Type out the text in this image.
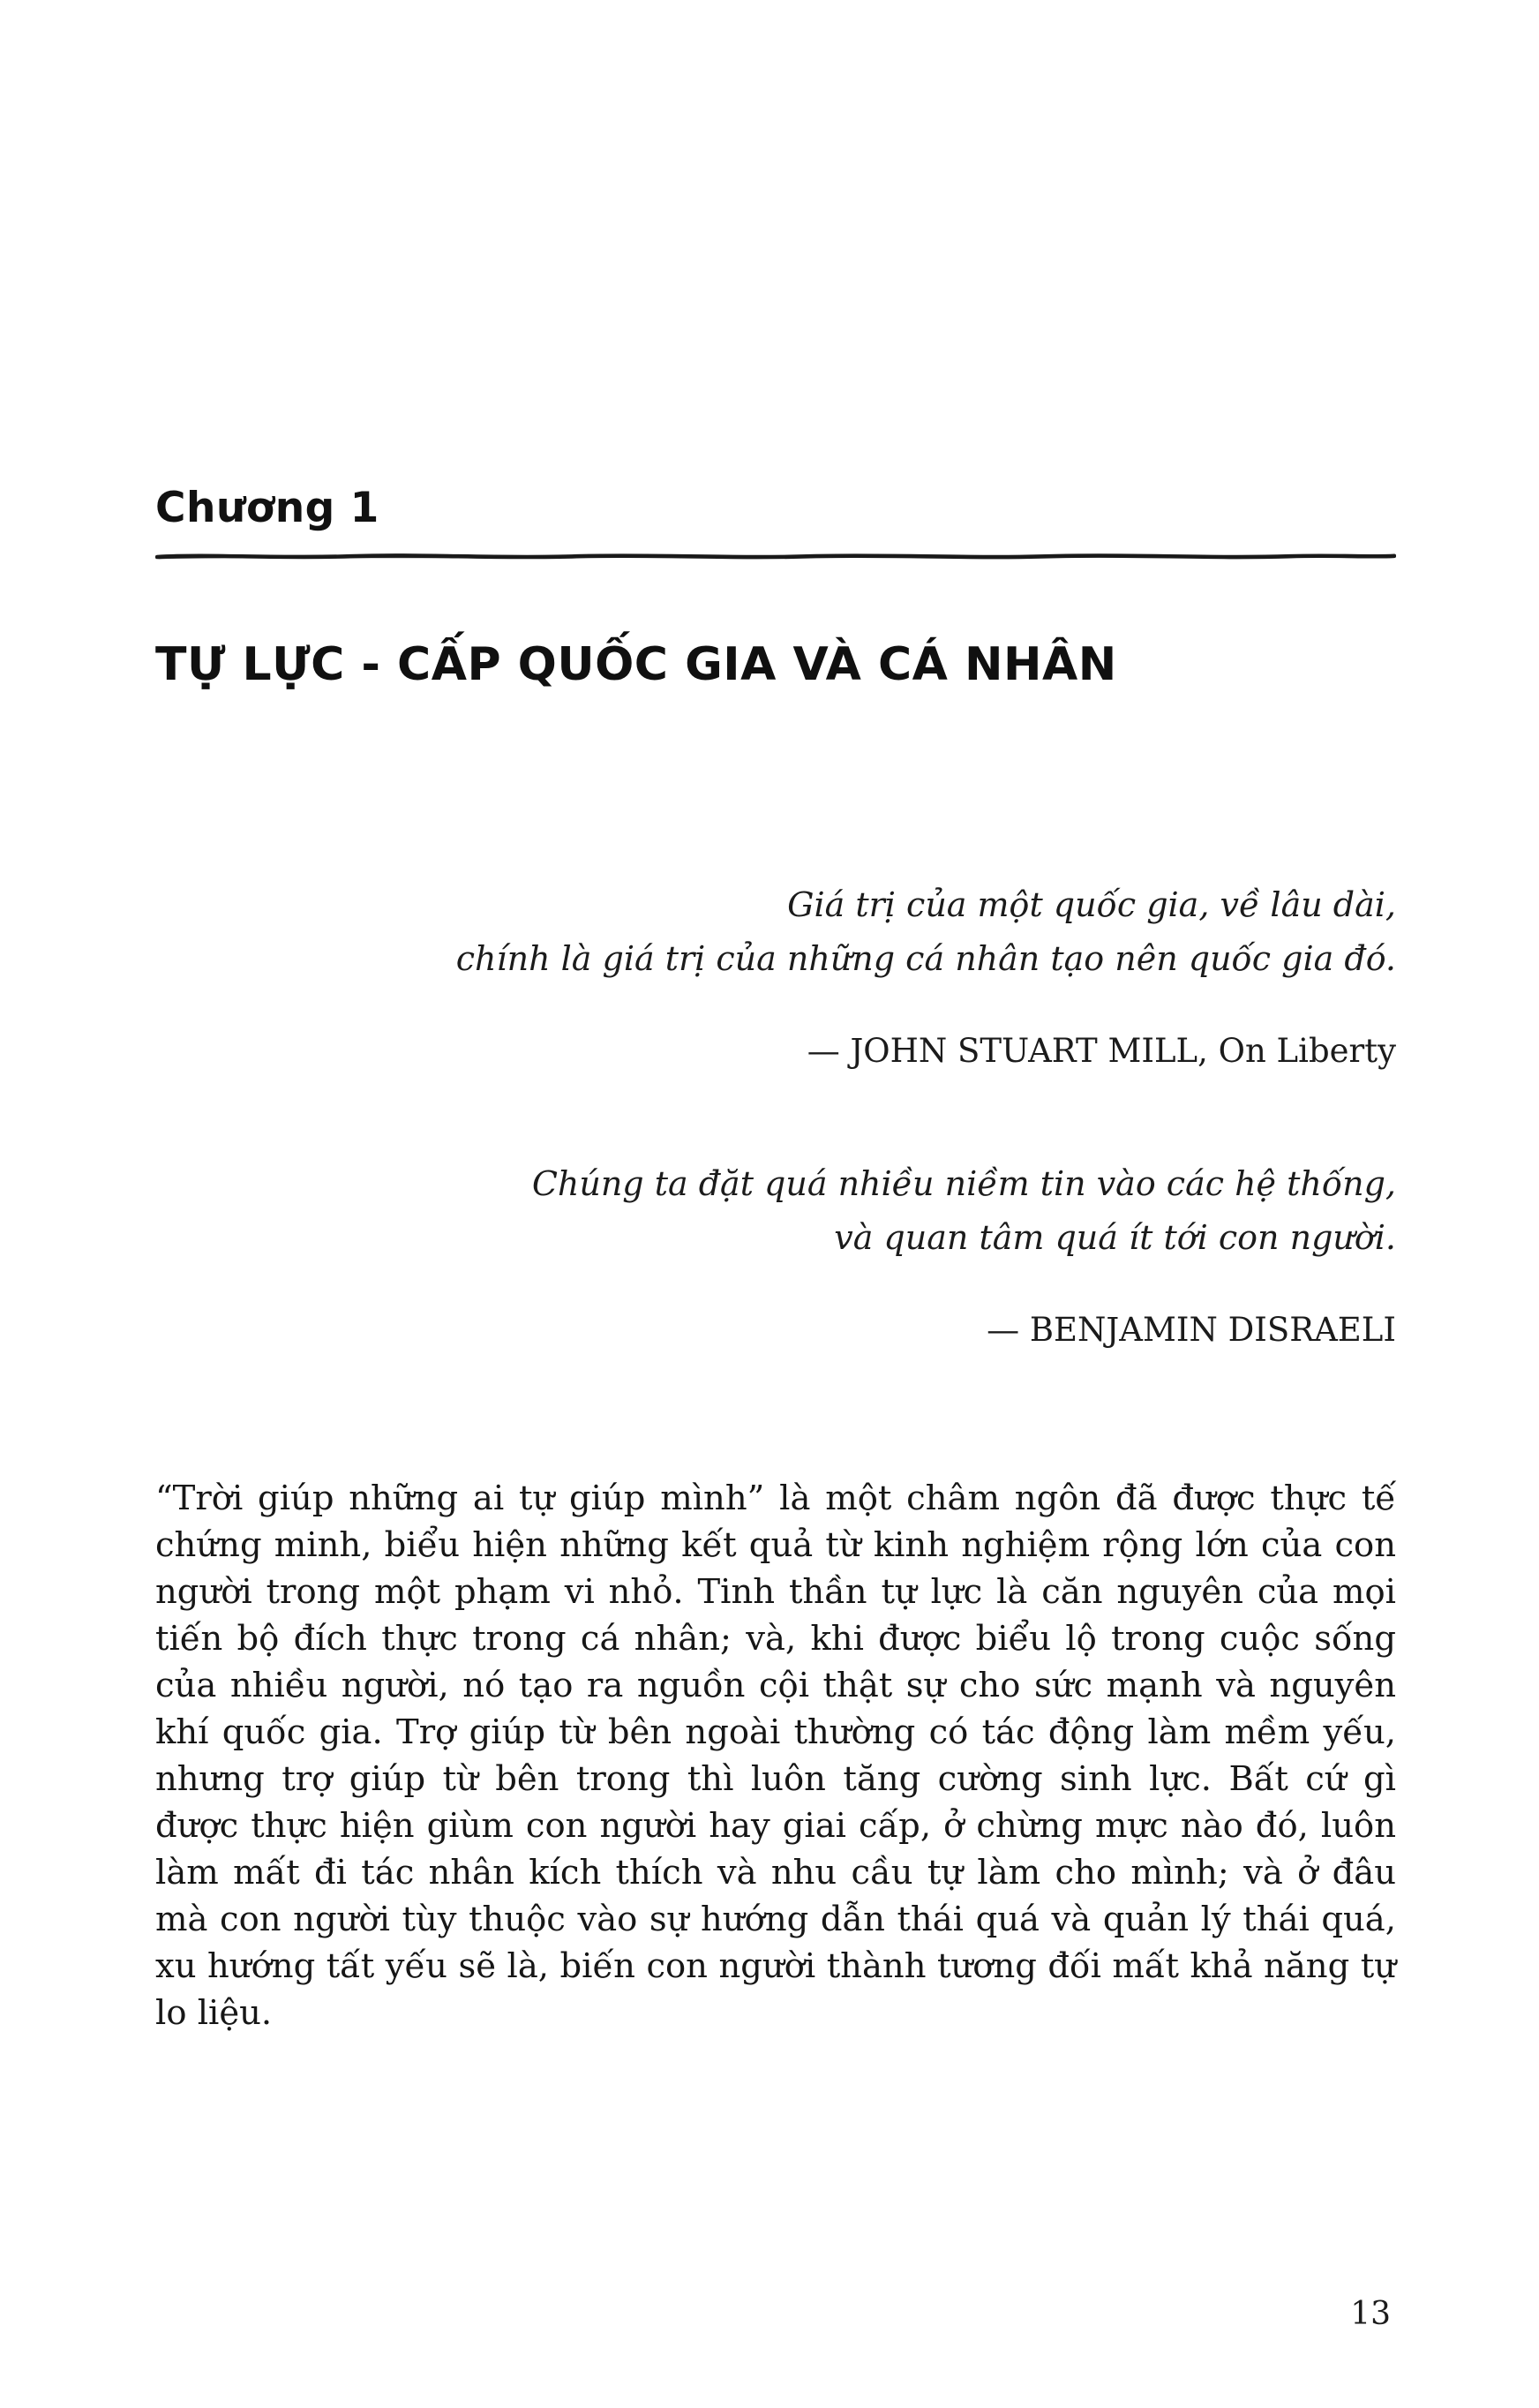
Chương 1
TỰ LỰC - CẤP QUỐC GIA VÀ CÁ NHÂN
Giá trị của một quốc gia, về lâu dài,
chính là giá trị của những cá nhân tạo nên quốc gia đó.
— JOHN STUART MILL, On Liberty
Chúng ta đặt quá nhiều niềm tin vào các hệ thống,
và quan tâm quá ít tới con người.
— BENJAMIN DISRAELI
“Trời giúp những ai tự giúp mình” là một châm ngôn đã được thực tế chứng minh, biểu hiện những kết quả từ kinh nghiệm rộng lớn của con người trong một phạm vi nhỏ. Tinh thần tự lực là căn nguyên của mọi tiến bộ đích thực trong cá nhân; và, khi được biểu lộ trong cuộc sống của nhiều người, nó tạo ra nguồn cội thật sự cho sức mạnh và nguyên khí quốc gia. Trợ giúp từ bên ngoài thường có tác động làm mềm yếu, nhưng trợ giúp từ bên trong thì luôn tăng cường sinh lực. Bất cứ gì được thực hiện giùm con người hay giai cấp, ở chừng mực nào đó, luôn làm mất đi tác nhân kích thích và nhu cầu tự làm cho mình; và ở đâu mà con người tùy thuộc vào sự hướng dẫn thái quá và quản lý thái quá, xu hướng tất yếu sẽ là, biến con người thành tương đối mất khả năng tự lo liệu.
13
